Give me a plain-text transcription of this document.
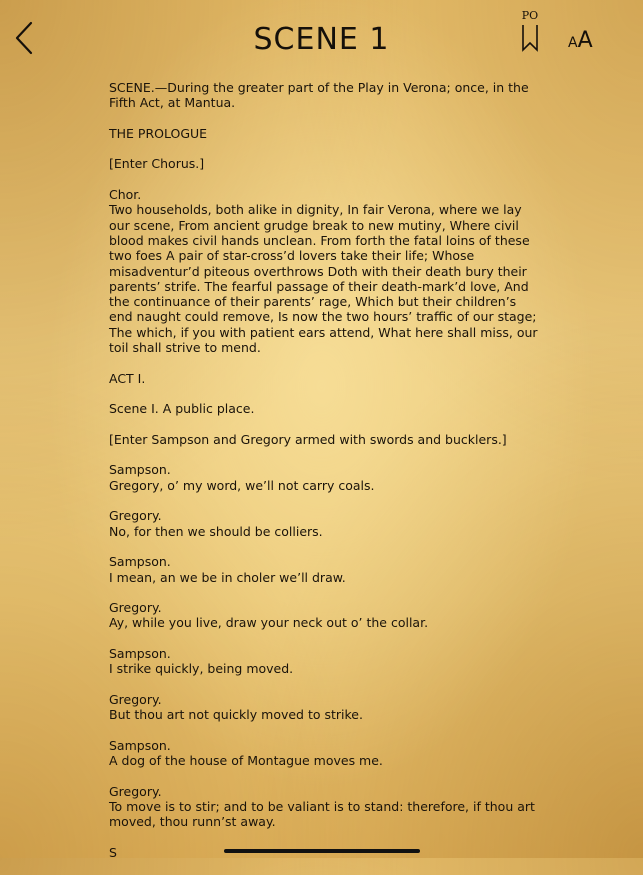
SCENE 1
PO
AA

SCENE.—During the greater part of the Play in Verona; once, in the Fifth Act, at Mantua.

THE PROLOGUE

[Enter Chorus.]

Chor.
Two households, both alike in dignity, In fair Verona, where we lay our scene, From ancient grudge break to new mutiny, Where civil blood makes civil hands unclean. From forth the fatal loins of these two foes A pair of star-cross’d lovers take their life; Whose misadventur’d piteous overthrows Doth with their death bury their parents’ strife. The fearful passage of their death-mark’d love, And the continuance of their parents’ rage, Which but their children’s end naught could remove, Is now the two hours’ traffic of our stage; The which, if you with patient ears attend, What here shall miss, our toil shall strive to mend.

ACT I.

Scene I. A public place.

[Enter Sampson and Gregory armed with swords and bucklers.]

Sampson.
Gregory, o’ my word, we’ll not carry coals.

Gregory.
No, for then we should be colliers.

Sampson.
I mean, an we be in choler we’ll draw.

Gregory.
Ay, while you live, draw your neck out o’ the collar.

Sampson.
I strike quickly, being moved.

Gregory.
But thou art not quickly moved to strike.

Sampson.
A dog of the house of Montague moves me.

Gregory.
To move is to stir; and to be valiant is to stand: therefore, if thou art moved, thou runn’st away.

S
